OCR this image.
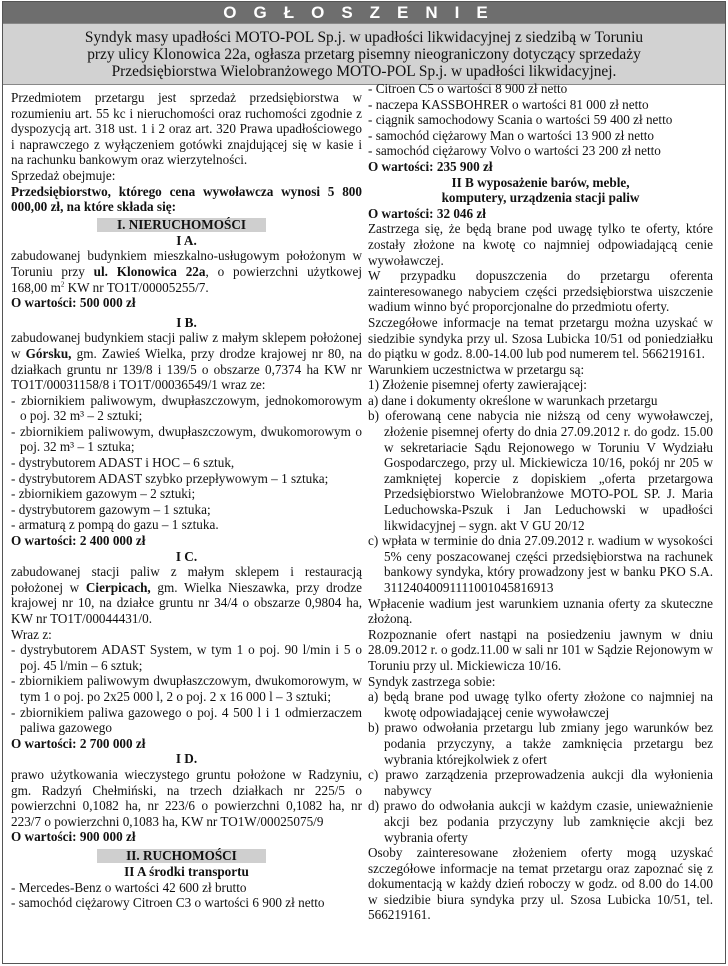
OGŁOSZENIE
Syndyk masy upadłości MOTO-POL Sp.j. w upadłości likwidacyjnej z siedzibą w Toruniu
przy ulicy Klonowica 22a, ogłasza przetarg pisemny nieograniczony dotyczący sprzedaży
Przedsiębiorstwa Wielobranżowego MOTO-POL Sp.j. w upadłości likwidacyjnej.

Przedmiotem przetargu jest sprzedaż przedsiębiorstwa w rozumieniu art. 55 kc i nieruchomości oraz ruchomości zgodnie z dyspozycją art. 318 ust. 1 i 2 oraz art. 320 Prawa upadłościowego i naprawczego z wyłączeniem gotówki znajdującej się w kasie i na rachunku bankowym oraz wierzytelności.

Sprzedaż obejmuje:

Przedsiębiorstwo, którego cena wywoławcza wynosi 5 800 000,00 zł, na które składa się:

I. NIERUCHOMOŚCI

I A.

zabudowanej budynkiem mieszkalno-usługowym położonym w Toruniu przy ul. Klonowica 22a, o powierzchni użytkowej 168,00 $m^2$ KW nr TO1T/00005255/7.

O wartości: 500 000 zł

I B.

zabudowanej budynkiem stacji paliw z małym sklepem położonej w Górsku, gm. Zawieś Wielka, przy drodze krajowej nr 80, na działkach gruntu nr 139/8 i 139/5 o obszarze 0,7374 ha KW nr TO1T/00031158/8 i TO1T/00036549/1 wraz ze:

- zbiornikiem paliwowym, dwupłaszczowym, jednokomorowym o poj. 32 m³ – 2 sztuki;

- zbiornikiem paliwowym, dwupłaszczowym, dwukomorowym o poj. 32 m³ – 1 sztuka;

- dystrybutorem ADAST i HOC – 6 sztuk,

- dystrybutorem ADAST szybko przepływowym – 1 sztuka;

- zbiornikiem gazowym – 2 sztuki;

- dystrybutorem gazowym – 1 sztuka;

- armaturą z pompą do gazu – 1 sztuka.

O wartości: 2 400 000 zł

I C.

zabudowanej stacji paliw z małym sklepem i restauracją położonej w Cierpicach, gm. Wielka Nieszawka, przy drodze krajowej nr 10, na działce gruntu nr 34/4 o obszarze 0,9804 ha, KW nr TO1T/00044431/0.

Wraz z:

- dystrybutorem ADAST System, w tym 1 o poj. 90 l/min i 5 o poj. 45 l/min – 6 sztuk;

- zbiornikiem paliwowym dwupłaszczowym, dwukomorowym, w tym 1 o poj. po 2x25 000 l, 2 o poj. 2 x 16 000 l – 3 sztuki;

- zbiornikiem paliwa gazowego o poj. 4 500 l i 1 odmierzaczem paliwa gazowego

O wartości: 2 700 000 zł

I D.

prawo użytkowania wieczystego gruntu położone w Radzyniu, gm. Radzyń Chełmiński, na trzech działkach nr 225/5 o powierzchni 0,1082 ha, nr 223/6 o powierzchni 0,1082 ha, nr 223/7 o powierzchni 0,1083 ha, KW nr TO1W/00025075/9

O wartości: 900 000 zł

II. RUCHOMOŚCI

II A środki transportu

- Mercedes-Benz o wartości 42 600 zł brutto

- samochód ciężarowy Citroen C3 o wartości 6 900 zł netto

- Citroen C5 o wartości 8 900 zł netto

- naczepa KASSBOHRER o wartości 81 000 zł netto

- ciągnik samochodowy Scania o wartości 59 400 zł netto

- samochód ciężarowy Man o wartości 13 900 zł netto

- samochód ciężarowy Volvo o wartości 23 200 zł netto

O wartości: 235 900 zł

II B wyposażenie barów, meble,

komputery, urządzenia stacji paliw

O wartości: 32 046 zł

Zastrzega się, że będą brane pod uwagę tylko te oferty, które zostały złożone na kwotę co najmniej odpowiadającą cenie wywoławczej.

W przypadku dopuszczenia do przetargu oferenta zainteresowanego nabyciem części przedsiębiorstwa uiszczenie wadium winno być proporcjonalne do przedmiotu oferty.

Szczegółowe informacje na temat przetargu można uzyskać w siedzibie syndyka przy ul. Szosa Lubicka 10/51 od poniedziałku do piątku w godz. 8.00-14.00 lub pod numerem tel. 566219161.

Warunkiem uczestnictwa w przetargu są:

1) Złożenie pisemnej oferty zawierającej:

a) dane i dokumenty określone w warunkach przetargu

b) oferowaną cene nabycia nie niższą od ceny wywoławczej, złożenie pisemnej oferty do dnia 27.09.2012 r. do godz. 15.00 w sekretariacie Sądu Rejonowego w Toruniu V Wydziału Gospodarczego, przy ul. Mickiewicza 10/16, pokój nr 205 w zamkniętej kopercie z dopiskiem „oferta przetargowa Przedsiębiorstwo Wielobranżowe MOTO-POL SP. J. Maria Leduchowska-Pszuk i Jan Leduchowski w upadłości likwidacyjnej – sygn. akt V GU 20/12

c) wpłata w terminie do dnia 27.09.2012 r. wadium w wysokości 5% ceny poszacowanej części przedsiębiorstwa na rachunek bankowy syndyka, który prowadzony jest w banku PKO S.A. 31124040091111001045816913

Wpłacenie wadium jest warunkiem uznania oferty za skuteczne złożoną.

Rozpoznanie ofert nastąpi na posiedzeniu jawnym w dniu 28.09.2012 r. o godz.11.00 w sali nr 101 w Sądzie Rejonowym w Toruniu przy ul. Mickiewicza 10/16.

Syndyk zastrzega sobie:

a) będą brane pod uwagę tylko oferty złożone co najmniej na kwotę odpowiadającej cenie wywoławczej

b) prawo odwołania przetargu lub zmiany jego warunków bez podania przyczyny, a także zamknięcia przetargu bez wybrania którejkolwiek z ofert

c) prawo zarządzenia przeprowadzenia aukcji dla wyłonienia nabywcy

d) prawo do odwołania aukcji w każdym czasie, unieważnienie akcji bez podania przyczyny lub zamknięcie akcji bez wybrania oferty

Osoby zainteresowane złożeniem oferty mogą uzyskać szczegółowe informacje na temat przetargu oraz zapoznać się z dokumentacją w każdy dzień roboczy w godz. od 8.00 do 14.00 w siedzibie biura syndyka przy ul. Szosa Lubicka 10/51, tel. 566219161.
